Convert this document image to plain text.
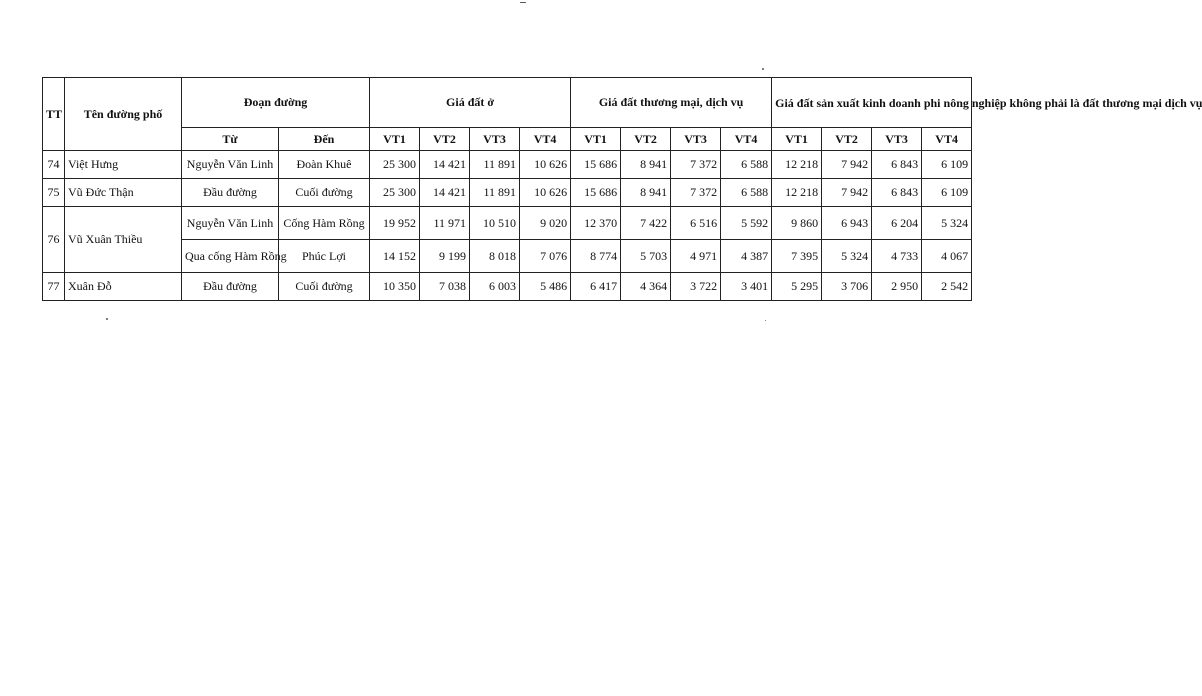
TT	Tên đường phố	Đoạn đường		Giá đất ở				Giá đất thương mại, dịch vụ				Giá đất sản xuất kinh doanh phi nông nghiệp không phải là đất thương mại dịch vụ			
		Từ	Đến	VT1	VT2	VT3	VT4	VT1	VT2	VT3	VT4	VT1	VT2	VT3	VT4
74	Việt Hưng	Nguyễn Văn Linh	Đoàn Khuê	25 300	14 421	11 891	10 626	15 686	8 941	7 372	6 588	12 218	7 942	6 843	6 109
75	Vũ Đức Thận	Đầu đường	Cuối đường	25 300	14 421	11 891	10 626	15 686	8 941	7 372	6 588	12 218	7 942	6 843	6 109
76	Vũ Xuân Thiều	Nguyễn Văn Linh	Cống Hàm Rồng	19 952	11 971	10 510	9 020	12 370	7 422	6 516	5 592	9 860	6 943	6 204	5 324
		Qua cống Hàm Rồng	Phúc Lợi	14 152	9 199	8 018	7 076	8 774	5 703	4 971	4 387	7 395	5 324	4 733	4 067
77	Xuân Đỗ	Đầu đường	Cuối đường	10 350	7 038	6 003	5 486	6 417	4 364	3 722	3 401	5 295	3 706	2 950	2 542
